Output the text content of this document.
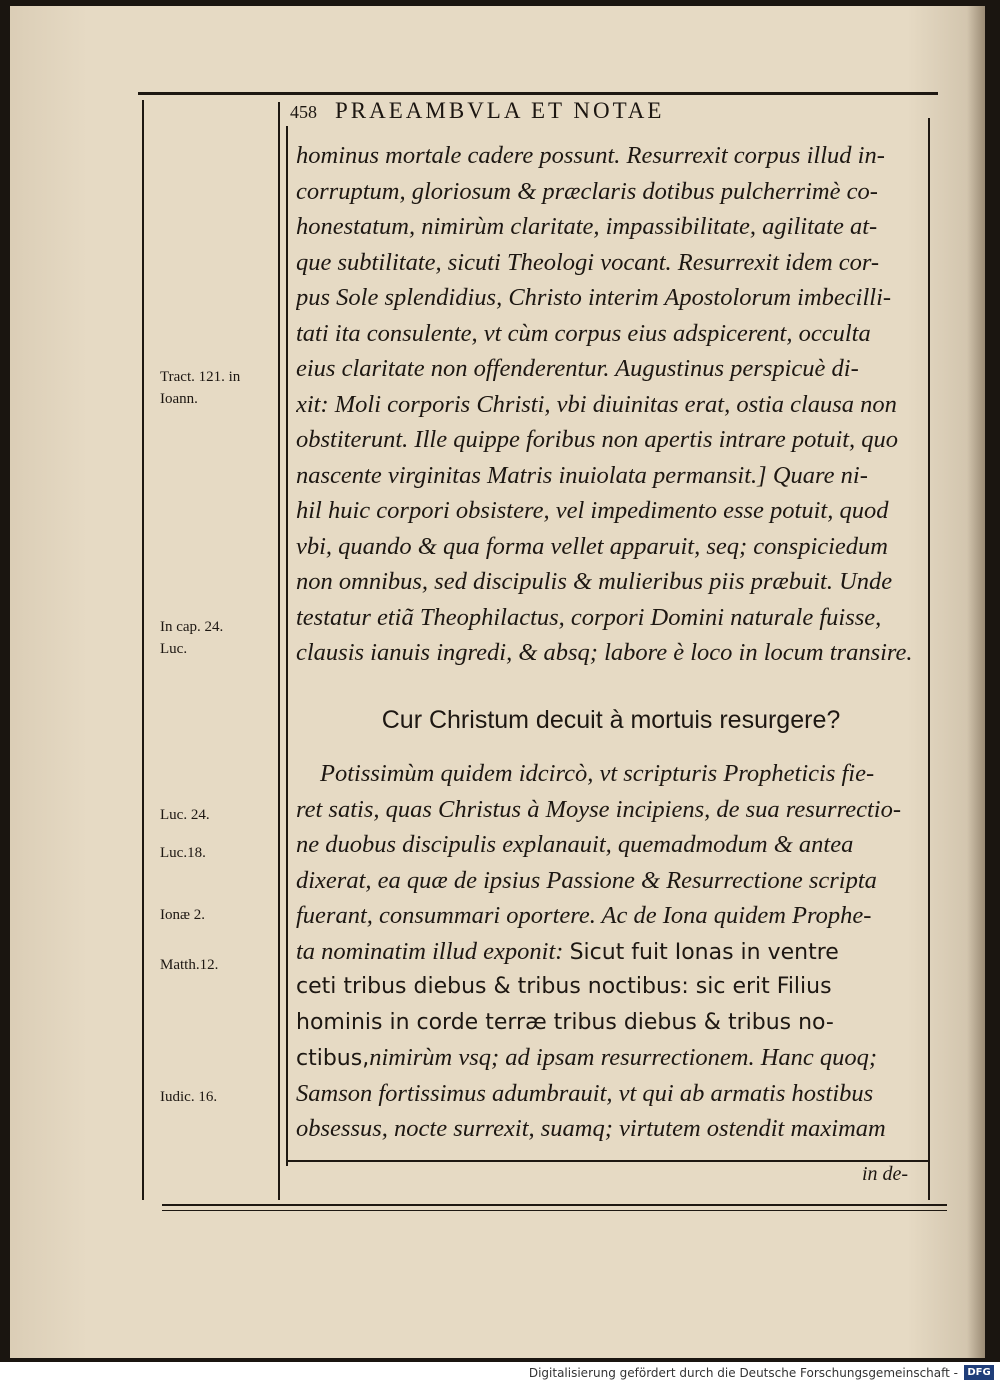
458 PRAEAMBVLA ET NOTAE
Tract. 121. in
Ioann.
In cap. 24.
Luc.
Luc. 24.
Luc.18.
Ionæ 2.
Matth.12.
Iudic. 16.
hominus mortale cadere possunt. Resurrexit corpus illud in-
corruptum, gloriosum & præclaris dotibus pulcherrimè co-
honestatum, nimirùm claritate, impassibilitate, agilitate at-
que subtilitate, sicuti Theologi vocant. Resurrexit idem cor-
pus Sole splendidius, Christo interim Apostolorum imbecilli-
tati ita consulente, vt cùm corpus eius adspicerent, occulta
eius claritate non offenderentur. Augustinus perspicuè di-
xit: Moli corporis Christi, vbi diuinitas erat, ostia clausa non
obstiterunt. Ille quippe foribus non apertis intrare potuit, quo
nascente virginitas Matris inuiolata permansit.] Quare ni-
hil huic corpori obsistere, vel impedimento esse potuit, quod
vbi, quando & qua forma vellet apparuit, seq; conspiciedum
non omnibus, sed discipulis & mulieribus piis præbuit. Unde
testatur etiã Theophilactus, corpori Domini naturale fuisse,
clausis ianuis ingredi, & absq; labore è loco in locum transire.
Cur Christum decuit à mortuis resurgere?
Potissimùm quidem idcircò, vt scripturis Propheticis fie-
ret satis, quas Christus à Moyse incipiens, de sua resurrectio-
ne duobus discipulis explanauit, quemadmodum & antea
dixerat, ea quæ de ipsius Passione & Resurrectione scripta
fuerant, consummari oportere. Ac de Iona quidem Prophe-
ta nominatim illud exponit: Sicut fuit Ionas in ventre
ceti tribus diebus & tribus noctibus: sic erit Filius
hominis in corde terræ tribus diebus & tribus no-
ctibus,nimirùm vsq; ad ipsam resurrectionem. Hanc quoq;
Samson fortissimus adumbrauit, vt qui ab armatis hostibus
obsessus, nocte surrexit, suamq; virtutem ostendit maximam
in de-
Digitalisierung gefördert durch die Deutsche Forschungsgemeinschaft - DFG
